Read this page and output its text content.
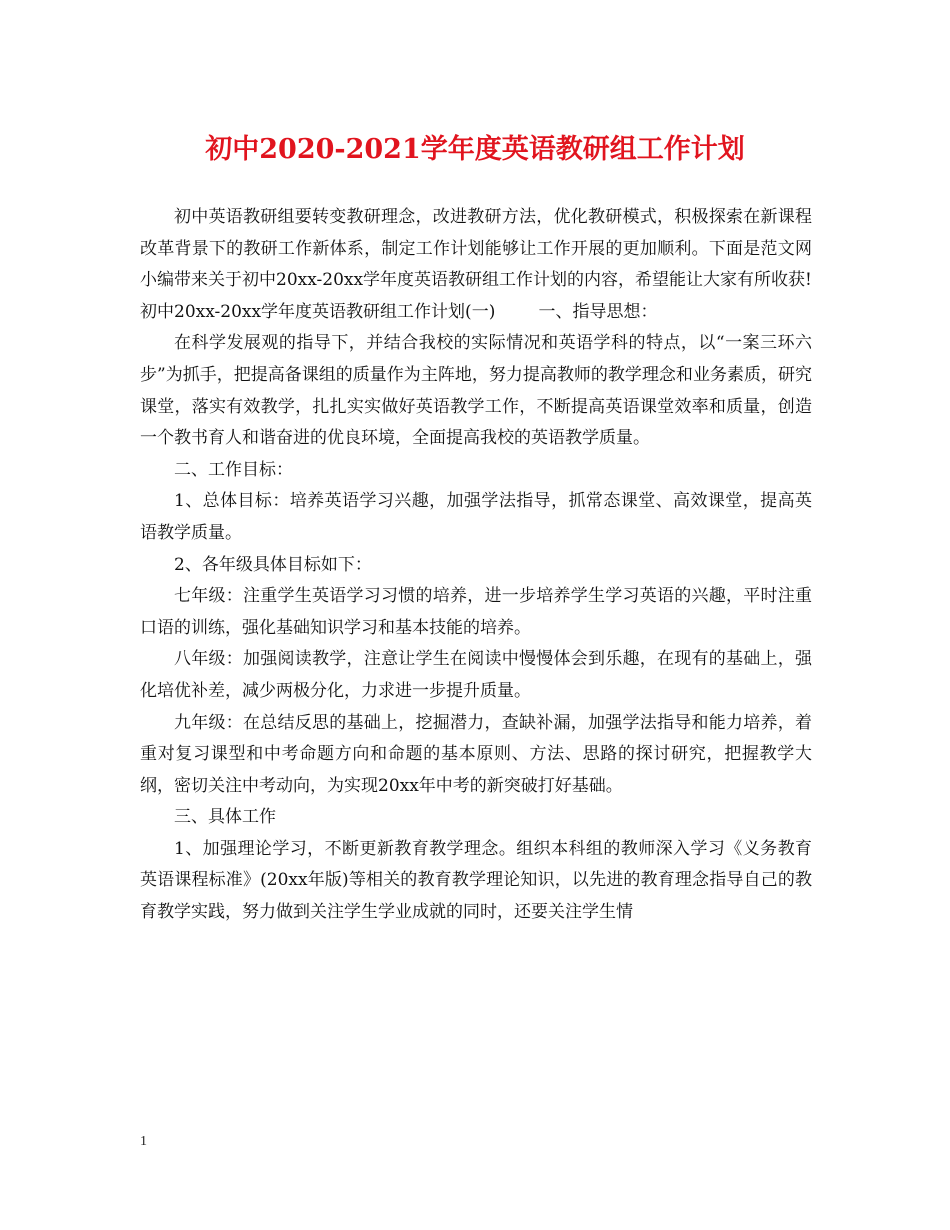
初中2020-2021学年度英语教研组工作计划

初中英语教研组要转变教研理念，改进教研方法，优化教研模式，积极探索在新课程改革背景下的教研工作新体系，制定工作计划能够让工作开展的更加顺利。下面是范文网小编带来关于初中20xx-20xx学年度英语教研组工作计划的内容，希望能让大家有所收获!

初中20xx-20xx学年度英语教研组工作计划(一)        一、指导思想：

在科学发展观的指导下，并结合我校的实际情况和英语学科的特点，以“一案三环六步”为抓手，把提高备课组的质量作为主阵地，努力提高教师的教学理念和业务素质，研究课堂，落实有效教学，扎扎实实做好英语教学工作，不断提高英语课堂效率和质量，创造一个教书育人和谐奋进的优良环境，全面提高我校的英语教学质量。

二、工作目标：

1、总体目标：培养英语学习兴趣，加强学法指导，抓常态课堂、高效课堂，提高英语教学质量。

2、各年级具体目标如下：

七年级：注重学生英语学习习惯的培养，进一步培养学生学习英语的兴趣，平时注重口语的训练，强化基础知识学习和基本技能的培养。

八年级：加强阅读教学，注意让学生在阅读中慢慢体会到乐趣，在现有的基础上，强化培优补差，减少两极分化，力求进一步提升质量。

九年级：在总结反思的基础上，挖掘潜力，查缺补漏，加强学法指导和能力培养，着重对复习课型和中考命题方向和命题的基本原则、方法、思路的探讨研究，把握教学大纲，密切关注中考动向，为实现20xx年中考的新突破打好基础。

三、具体工作

1、加强理论学习，不断更新教育教学理念。组织本科组的教师深入学习《义务教育英语课程标准》(20xx年版)等相关的教育教学理论知识，以先进的教育理念指导自己的教育教学实践，努力做到关注学生学业成就的同时，还要关注学生情

1
